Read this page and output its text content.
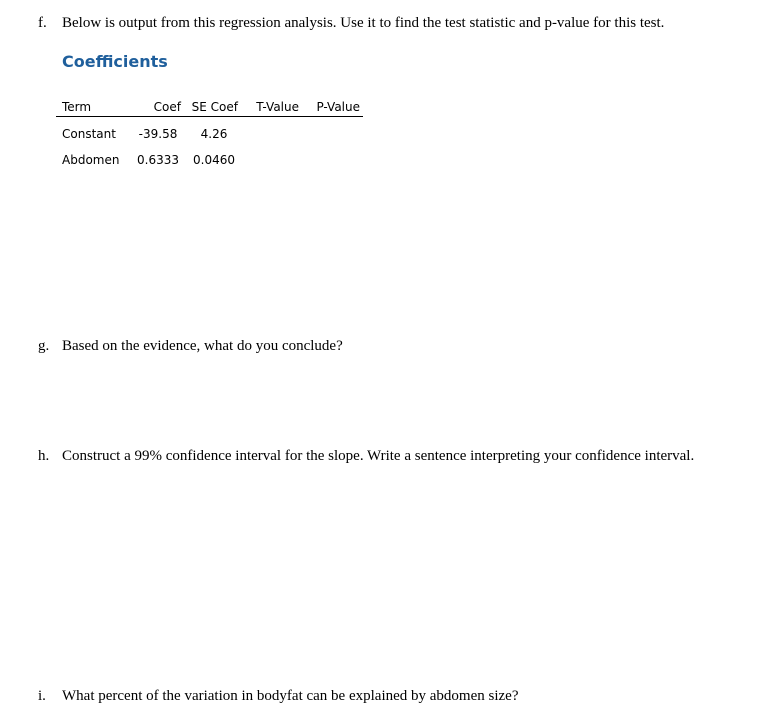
f. Below is output from this regression analysis. Use it to find the test statistic and p-value for this test.
Coefficients
Term	Coef	SE Coef	T-Value	P-Value
Constant	-39.58	4.26		
Abdomen	0.6333	0.0460		
g. Based on the evidence, what do you conclude?
h. Construct a 99% confidence interval for the slope. Write a sentence interpreting your confidence interval.
i. What percent of the variation in bodyfat can be explained by abdomen size?
